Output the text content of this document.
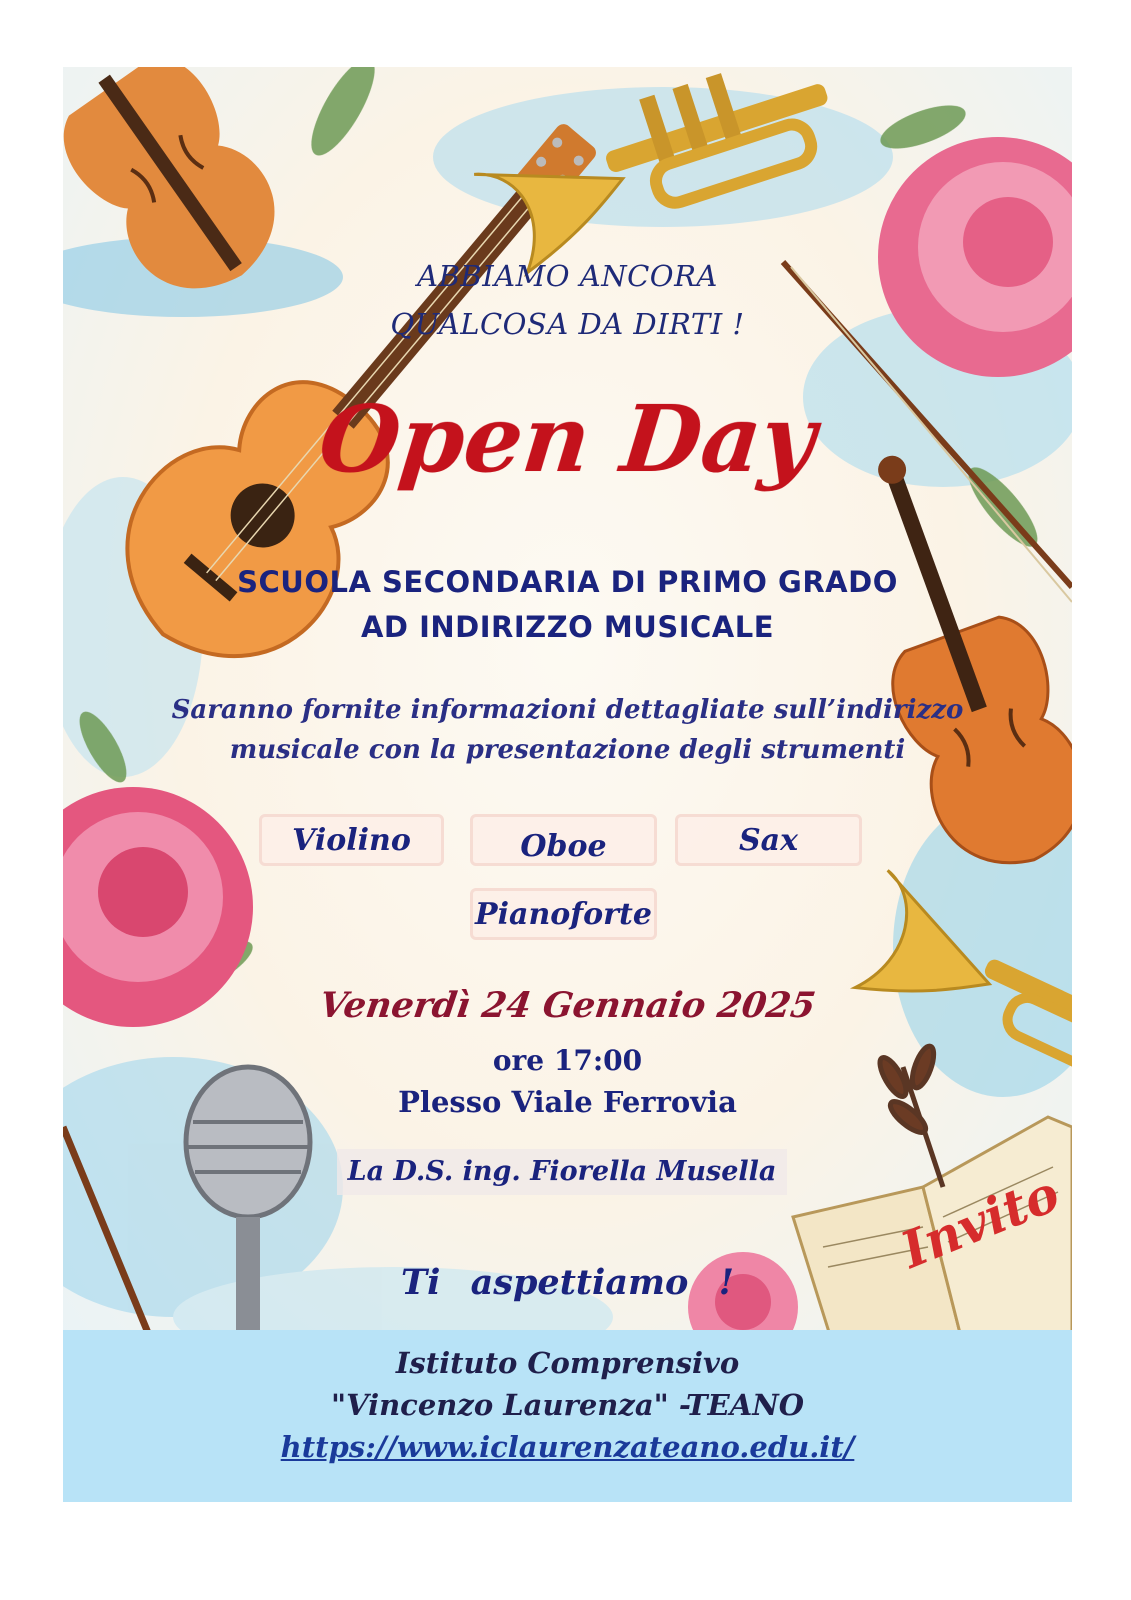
ABBIAMO ANCORA

QUALCOSA DA DIRTI !

Open Day

SCUOLA SECONDARIA DI PRIMO GRADO

AD INDIRIZZO MUSICALE

Saranno fornite informazioni dettagliate sull’indirizzo

musicale con la presentazione degli strumenti

Violino	Oboe	Sax
Pianoforte

Venerdì 24 Gennaio 2025

ore 17:00

Plesso Viale Ferrovia

La D.S. ing. Fiorella Musella

Ti aspettiamo !

Invito

Istituto Comprensivo

"Vincenzo Laurenza" -TEANO

https://www.iclaurenzateano.edu.it/
